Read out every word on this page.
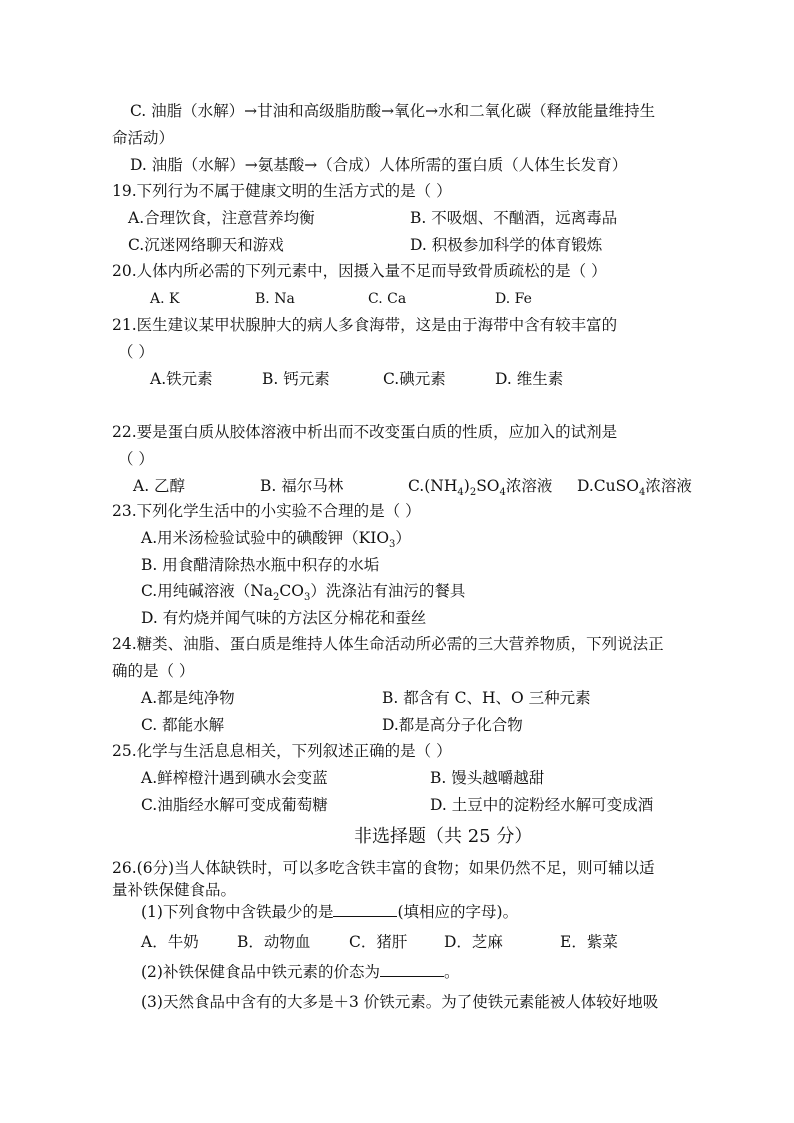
C. 油脂（水解）→甘油和高级脂肪酸→氧化→水和二氧化碳（释放能量维持生
命活动）
D. 油脂（水解）→氨基酸→（合成）人体所需的蛋白质（人体生长发育）
19.下列行为不属于健康文明的生活方式的是（ ）
A.合理饮食，注意营养均衡	B. 不吸烟、不酗酒，远离毒品
C.沉迷网络聊天和游戏	D. 积极参加科学的体育锻炼
20.人体内所必需的下列元素中，因摄入量不足而导致骨质疏松的是（ ）
A. K	B. Na	C. Ca	D. Fe
21.医生建议某甲状腺肿大的病人多食海带，这是由于海带中含有较丰富的
（ ）
A.铁元素	B. 钙元素	C.碘元素	D. 维生素
22.要是蛋白质从胶体溶液中析出而不改变蛋白质的性质，应加入的试剂是
（ ）
A. 乙醇	B. 福尔马林	$C.(NH_4)_2SO_4$浓溶液 D.CuSO$_4$浓溶液
23.下列化学生活中的小实验不合理的是（ ）
A.用米汤检验试验中的碘酸钾$(KIO_3)$
B. 用食醋清除热水瓶中积存的水垢
C.用纯碱溶液$(Na_2CO_3)$洗涤沾有油污的餐具
D. 有灼烧并闻气味的方法区分棉花和蚕丝
24.糖类、油脂、蛋白质是维持人体生命活动所必需的三大营养物质，下列说法正
确的是（ ）
A.都是纯净物	B. 都含有 C、H、O 三种元素
C. 都能水解	D.都是高分子化合物
25.化学与生活息息相关，下列叙述正确的是（ ）
A.鲜榨橙汁遇到碘水会变蓝	B. 馒头越嚼越甜
C.油脂经水解可变成葡萄糖	D. 土豆中的淀粉经水解可变成酒
非选择题（共 25 分）
26.(6分)当人体缺铁时，可以多吃含铁丰富的食物；如果仍然不足，则可辅以适
量补铁保健食品。
(1)下列食物中含铁最少的是	(填相应的字母)。
A．牛奶 B．动物血 C．猪肝 D．芝麻	E．紫菜
(2)补铁保健食品中铁元素的价态为	。
(3)天然食品中含有的大多是＋3 价铁元素。为了使铁元素能被人体较好地吸
